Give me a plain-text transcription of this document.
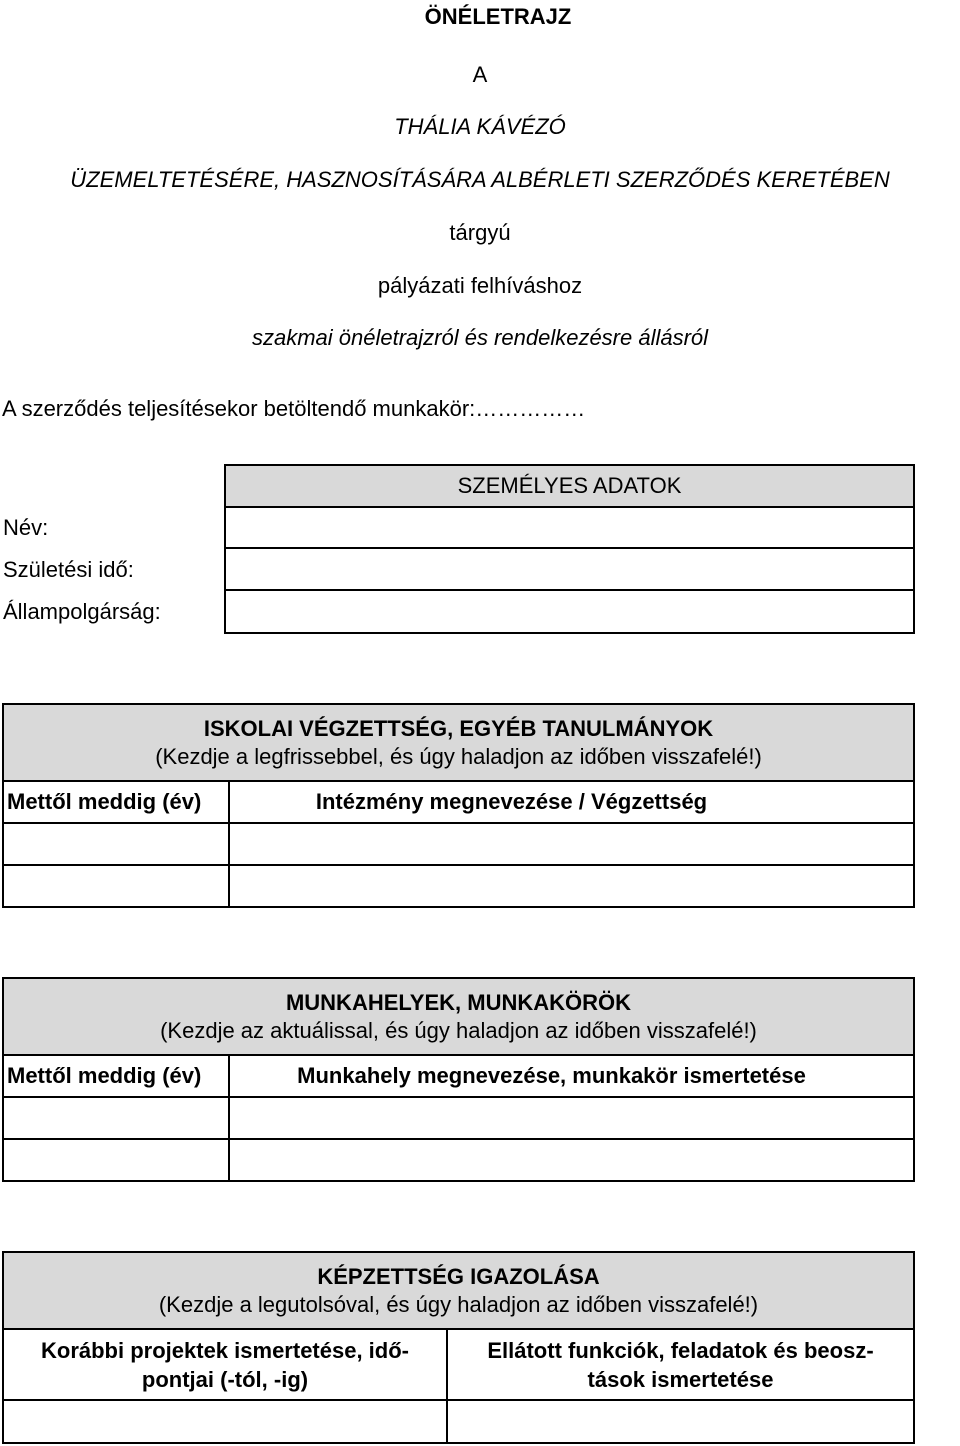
ÖNÉLETRAJZ
A
THÁLIA KÁVÉZÓ
ÜZEMELTETÉSÉRE, HASZNOSÍTÁSÁRA ALBÉRLETI SZERZŐDÉS KERETÉBEN
tárgyú
pályázati felhíváshoz
szakmai önéletrajzról és rendelkezésre állásról
A szerződés teljesítésekor betöltendő munkakör:……………
SZEMÉLYES ADATOK
Név:
Születési idő:
Állampolgárság:
ISKOLAI VÉGZETTSÉG, EGYÉB TANULMÁNYOK
(Kezdje a legfrissebbel, és úgy haladjon az időben visszafelé!)
Mettől meddig (év)	Intézmény megnevezése / Végzettség
MUNKAHELYEK, MUNKAKÖRÖK
(Kezdje az aktuálissal, és úgy haladjon az időben visszafelé!)
Mettől meddig (év)	Munkahely megnevezése, munkakör ismertetése
KÉPZETTSÉG IGAZOLÁSA
(Kezdje a legutolsóval, és úgy haladjon az időben visszafelé!)
Korábbi projektek ismertetése, idő-
pontjai (-tól, -ig)
Ellátott funkciók, feladatok és beosz-
tások ismertetése
